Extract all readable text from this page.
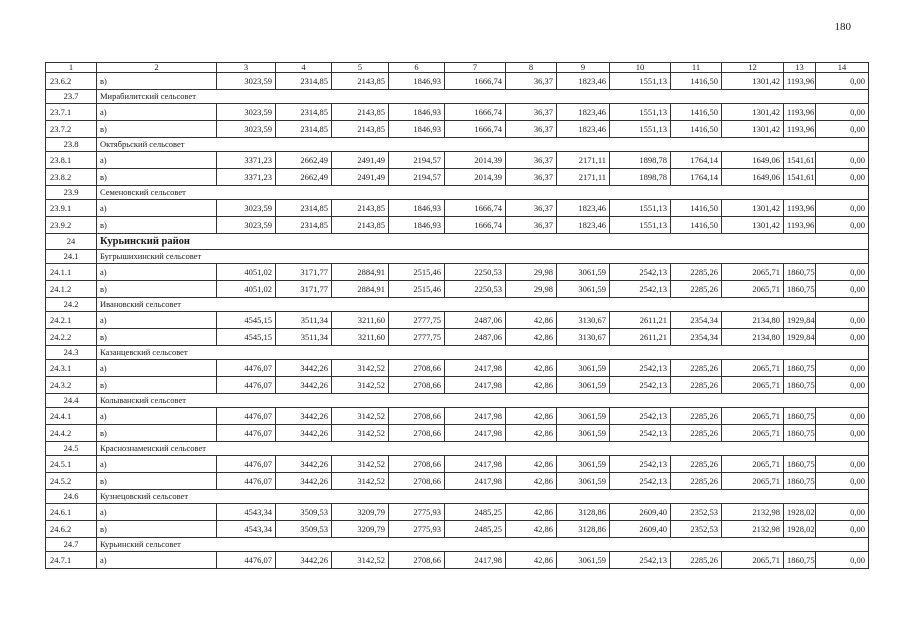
180
1	2	3	4	5	6	7	8	9	10	11	12	13	14
23.6.2	в)	3023,59	2314,85	2143,85	1846,93	1666,74	36,37	1823,46	1551,13	1416,50	1301,42	1193,96	0,00
23.7	Мирабилитский сельсовет												
23.7.1	а)	3023,59	2314,85	2143,85	1846,93	1666,74	36,37	1823,46	1551,13	1416,50	1301,42	1193,96	0,00
23.7.2	в)	3023,59	2314,85	2143,85	1846,93	1666,74	36,37	1823,46	1551,13	1416,50	1301,42	1193,96	0,00
23.8	Октябрьский сельсовет												
23.8.1	а)	3371,23	2662,49	2491,49	2194,57	2014,39	36,37	2171,11	1898,78	1764,14	1649,06	1541,61	0,00
23.8.2	в)	3371,23	2662,49	2491,49	2194,57	2014,39	36,37	2171,11	1898,78	1764,14	1649,06	1541,61	0,00
23.9	Семеновский сельсовет												
23.9.1	а)	3023,59	2314,85	2143,85	1846,93	1666,74	36,37	1823,46	1551,13	1416,50	1301,42	1193,96	0,00
23.9.2	в)	3023,59	2314,85	2143,85	1846,93	1666,74	36,37	1823,46	1551,13	1416,50	1301,42	1193,96	0,00
24	Курьинский район												
24.1	Бугрышихинский сельсовет												
24.1.1	а)	4051,02	3171,77	2884,91	2515,46	2250,53	29,98	3061,59	2542,13	2285,26	2065,71	1860,75	0,00
24.1.2	в)	4051,02	3171,77	2884,91	2515,46	2250,53	29,98	3061,59	2542,13	2285,26	2065,71	1860,75	0,00
24.2	Ивановский сельсовет												
24.2.1	а)	4545,15	3511,34	3211,60	2777,75	2487,06	42,86	3130,67	2611,21	2354,34	2134,80	1929,84	0,00
24.2.2	в)	4545,15	3511,34	3211,60	2777,75	2487,06	42,86	3130,67	2611,21	2354,34	2134,80	1929,84	0,00
24.3	Казанцевский сельсовет												
24.3.1	а)	4476,07	3442,26	3142,52	2708,66	2417,98	42,86	3061,59	2542,13	2285,26	2065,71	1860,75	0,00
24.3.2	в)	4476,07	3442,26	3142,52	2708,66	2417,98	42,86	3061,59	2542,13	2285,26	2065,71	1860,75	0,00
24.4	Колыванский сельсовет												
24.4.1	а)	4476,07	3442,26	3142,52	2708,66	2417,98	42,86	3061,59	2542,13	2285,26	2065,71	1860,75	0,00
24.4.2	в)	4476,07	3442,26	3142,52	2708,66	2417,98	42,86	3061,59	2542,13	2285,26	2065,71	1860,75	0,00
24.5	Краснознаменский сельсовет												
24.5.1	а)	4476,07	3442,26	3142,52	2708,66	2417,98	42,86	3061,59	2542,13	2285,26	2065,71	1860,75	0,00
24.5.2	в)	4476,07	3442,26	3142,52	2708,66	2417,98	42,86	3061,59	2542,13	2285,26	2065,71	1860,75	0,00
24.6	Кузнецовский сельсовет												
24.6.1	а)	4543,34	3509,53	3209,79	2775,93	2485,25	42,86	3128,86	2609,40	2352,53	2132,98	1928,02	0,00
24.6.2	в)	4543,34	3509,53	3209,79	2775,93	2485,25	42,86	3128,86	2609,40	2352,53	2132,98	1928,02	0,00
24.7	Курьинский сельсовет												
24.7.1	а)	4476,07	3442,26	3142,52	2708,66	2417,98	42,86	3061,59	2542,13	2285,26	2065,71	1860,75	0,00
